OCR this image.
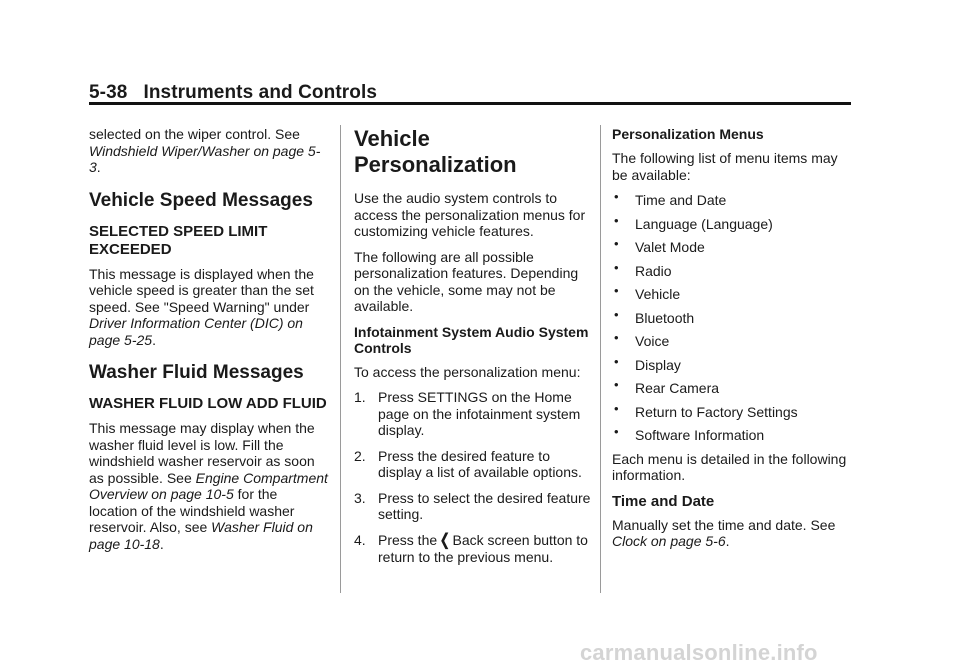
5-38 Instruments and Controls

selected on the wiper control. See Windshield Wiper/Washer on page 5-3.

Vehicle Speed Messages
SELECTED SPEED LIMIT EXCEEDED

This message is displayed when the vehicle speed is greater than the set speed. See "Speed Warning" under Driver Information Center (DIC) on page 5-25.

Washer Fluid Messages
WASHER FLUID LOW ADD FLUID

This message may display when the washer fluid level is low. Fill the windshield washer reservoir as soon as possible. See Engine Compartment Overview on page 10-5 for the location of the windshield washer reservoir. Also, see Washer Fluid on page 10-18.

Vehicle Personalization

Use the audio system controls to access the personalization menus for customizing vehicle features.

The following are all possible personalization features. Depending on the vehicle, some may not be available.

Infotainment System Audio System Controls

To access the personalization menu:

1. Press SETTINGS on the Home page on the infotainment system display.
2. Press the desired feature to display a list of available options.
3. Press to select the desired feature setting.
4. Press the❬Back screen button to return to the previous menu.
Personalization Menus

The following list of menu items may be available:

• Time and Date
• Language (Language)
• Valet Mode
• Radio
• Vehicle
• Bluetooth
• Voice
• Display
• Rear Camera
• Return to Factory Settings
• Software Information

Each menu is detailed in the following information.

Time and Date

Manually set the time and date. See Clock on page 5-6.

carmanualsonline.info
